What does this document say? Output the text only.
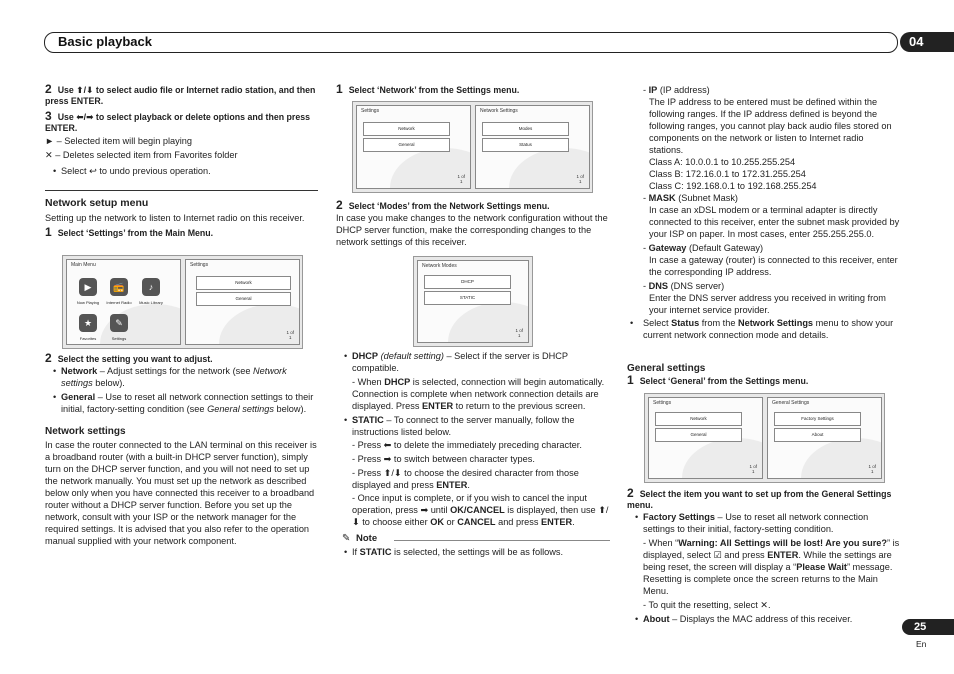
Basic playback	04
2 Use ⬆/⬇ to select audio file or Internet radio station, and then press ENTER.
3 Use ⬅/➡ to select playback or delete options and then press ENTER.
► – Selected item will begin playing
✕ – Deletes selected item from Favorites folder
• Select ↩ to undo previous operation.
Network setup menu
Setting up the network to listen to Internet radio on this receiver.
1 Select ‘Settings’ from the Main Menu.
Main Menu
▶
Now Playing
📻
Internet Radio
♪
Music Library
★
Favorites
✎
Settings
Settings
Network
General
1 of
1
2 Select the setting you want to adjust.
• Network – Adjust settings for the network (see Network settings below).
• General – Use to reset all network connection settings to their initial, factory-setting condition (see General settings below).
Network settings
In case the router connected to the LAN terminal on this receiver is a broadband router (with a built-in DHCP server function), simply turn on the DHCP server function, and you will not need to set up the network manually. You must set up the network as described below only when you have connected this receiver to a broadband router without a DHCP server function. Before you set up the network, consult with your ISP or the network manager for the required settings. It is advised that you also refer to the operation manual supplied with your network component.
1 Select ‘Network’ from the Settings menu.
Settings
Network
General
1 of
1
Network Settings
Modes
Status
1 of
1
2 Select ‘Modes’ from the Network Settings menu.
In case you make changes to the network configuration without the DHCP server function, make the corresponding changes to the network settings of this receiver.
Network Modes
DHCP
STATIC
1 of
1
• DHCP (default setting) – Select if the server is DHCP compatible.
- When DHCP is selected, connection will begin automatically. Connection is complete when network connection details are displayed. Press ENTER to return to the previous screen.
• STATIC – To connect to the server manually, follow the instructions listed below.
- Press ⬅ to delete the immediately preceding character.
- Press ➡ to switch between character types.
- Press ⬆/⬇ to choose the desired character from those displayed and press ENTER.
- Once input is complete, or if you wish to cancel the input operation, press ➡ until OK/CANCEL is displayed, then use ⬆/⬇ to choose either OK or CANCEL and press ENTER.
✎ Note
• If STATIC is selected, the settings will be as follows.
- IP (IP address)
The IP address to be entered must be defined within the following ranges. If the IP address defined is beyond the following ranges, you cannot play back audio files stored on components on the network or listen to Internet radio stations.
Class A: 10.0.0.1 to 10.255.255.254
Class B: 172.16.0.1 to 172.31.255.254
Class C: 192.168.0.1 to 192.168.255.254
- MASK (Subnet Mask)
In case an xDSL modem or a terminal adapter is directly connected to this receiver, enter the subnet mask provided by your ISP on paper. In most cases, enter 255.255.255.0.
- Gateway (Default Gateway)
In case a gateway (router) is connected to this receiver, enter the corresponding IP address.
- DNS (DNS server)
Enter the DNS server address you received in writing from your internet service provider.
• Select Status from the Network Settings menu to show your current network connection mode and details.
General settings
1 Select ‘General’ from the Settings menu.
Settings
Network
General
1 of
1
General Settings
Factory Settings
About
1 of
1
2 Select the item you want to set up from the General Settings menu.
• Factory Settings – Use to reset all network connection settings to their initial, factory-setting condition.
- When “Warning: All Settings will be lost! Are you sure?” is displayed, select ☑ and press ENTER. While the settings are being reset, the screen will display a “Please Wait” message. Resetting is complete once the screen returns to the Main Menu.
- To quit the resetting, select ✕.
• About – Displays the MAC address of this receiver.
25
En
